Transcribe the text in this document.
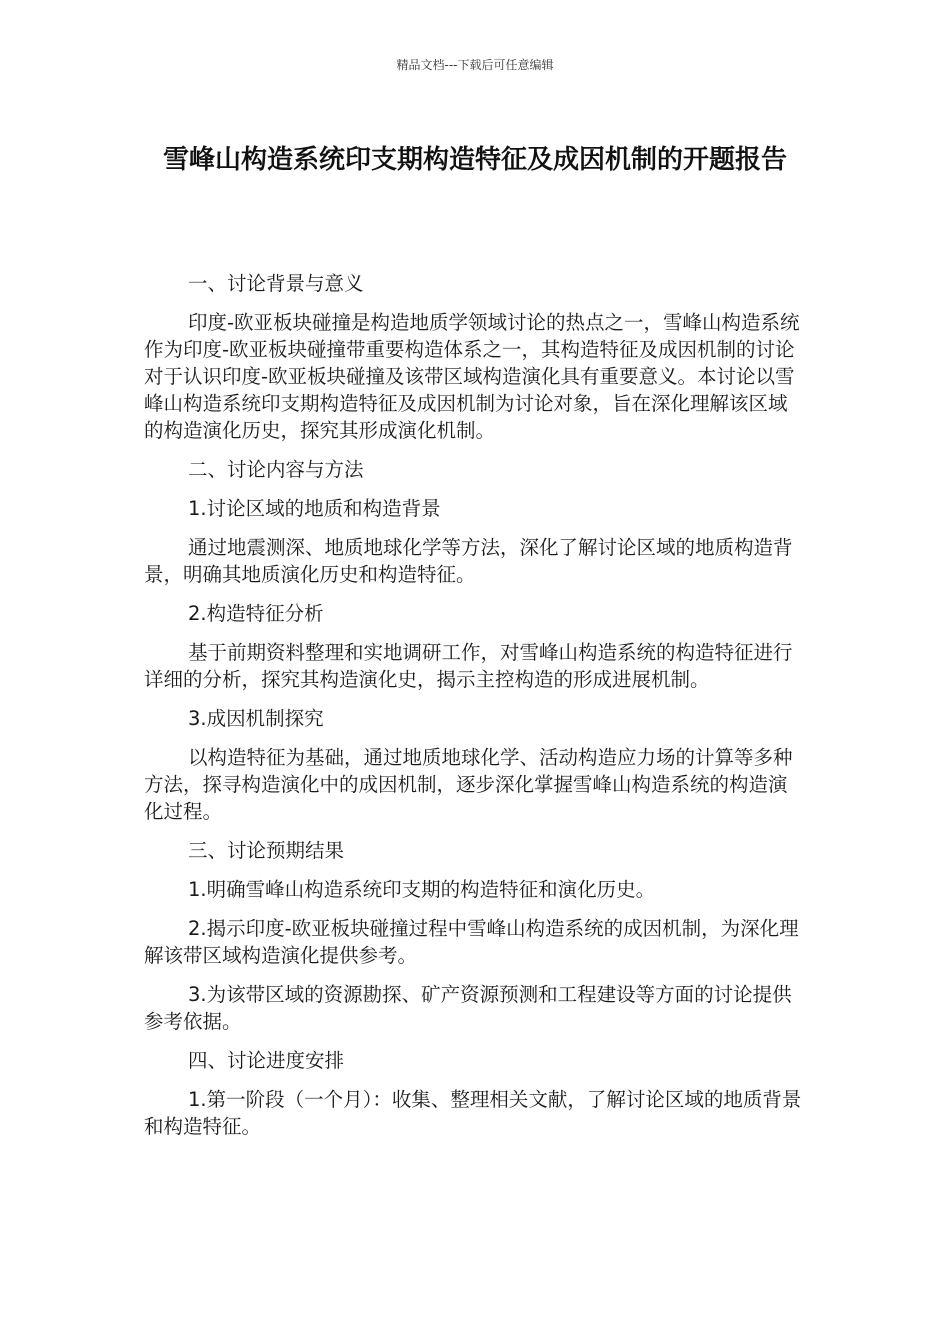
精品文档---下载后可任意编辑
雪峰山构造系统印支期构造特征及成因机制的开题报告

一、讨论背景与意义

印度-欧亚板块碰撞是构造地质学领域讨论的热点之一，雪峰山构造系统作为印度-欧亚板块碰撞带重要构造体系之一，其构造特征及成因机制的讨论对于认识印度-欧亚板块碰撞及该带区域构造演化具有重要意义。本讨论以雪峰山构造系统印支期构造特征及成因机制为讨论对象，旨在深化理解该区域的构造演化历史，探究其形成演化机制。

二、讨论内容与方法

1.讨论区域的地质和构造背景

通过地震测深、地质地球化学等方法，深化了解讨论区域的地质构造背景，明确其地质演化历史和构造特征。

2.构造特征分析

基于前期资料整理和实地调研工作，对雪峰山构造系统的构造特征进行详细的分析，探究其构造演化史，揭示主控构造的形成进展机制。

3.成因机制探究

以构造特征为基础，通过地质地球化学、活动构造应力场的计算等多种方法，探寻构造演化中的成因机制，逐步深化掌握雪峰山构造系统的构造演化过程。

三、讨论预期结果

1.明确雪峰山构造系统印支期的构造特征和演化历史。

2.揭示印度-欧亚板块碰撞过程中雪峰山构造系统的成因机制，为深化理解该带区域构造演化提供参考。

3.为该带区域的资源勘探、矿产资源预测和工程建设等方面的讨论提供参考依据。

四、讨论进度安排

1.第一阶段（一个月）：收集、整理相关文献，了解讨论区域的地质背景和构造特征。
